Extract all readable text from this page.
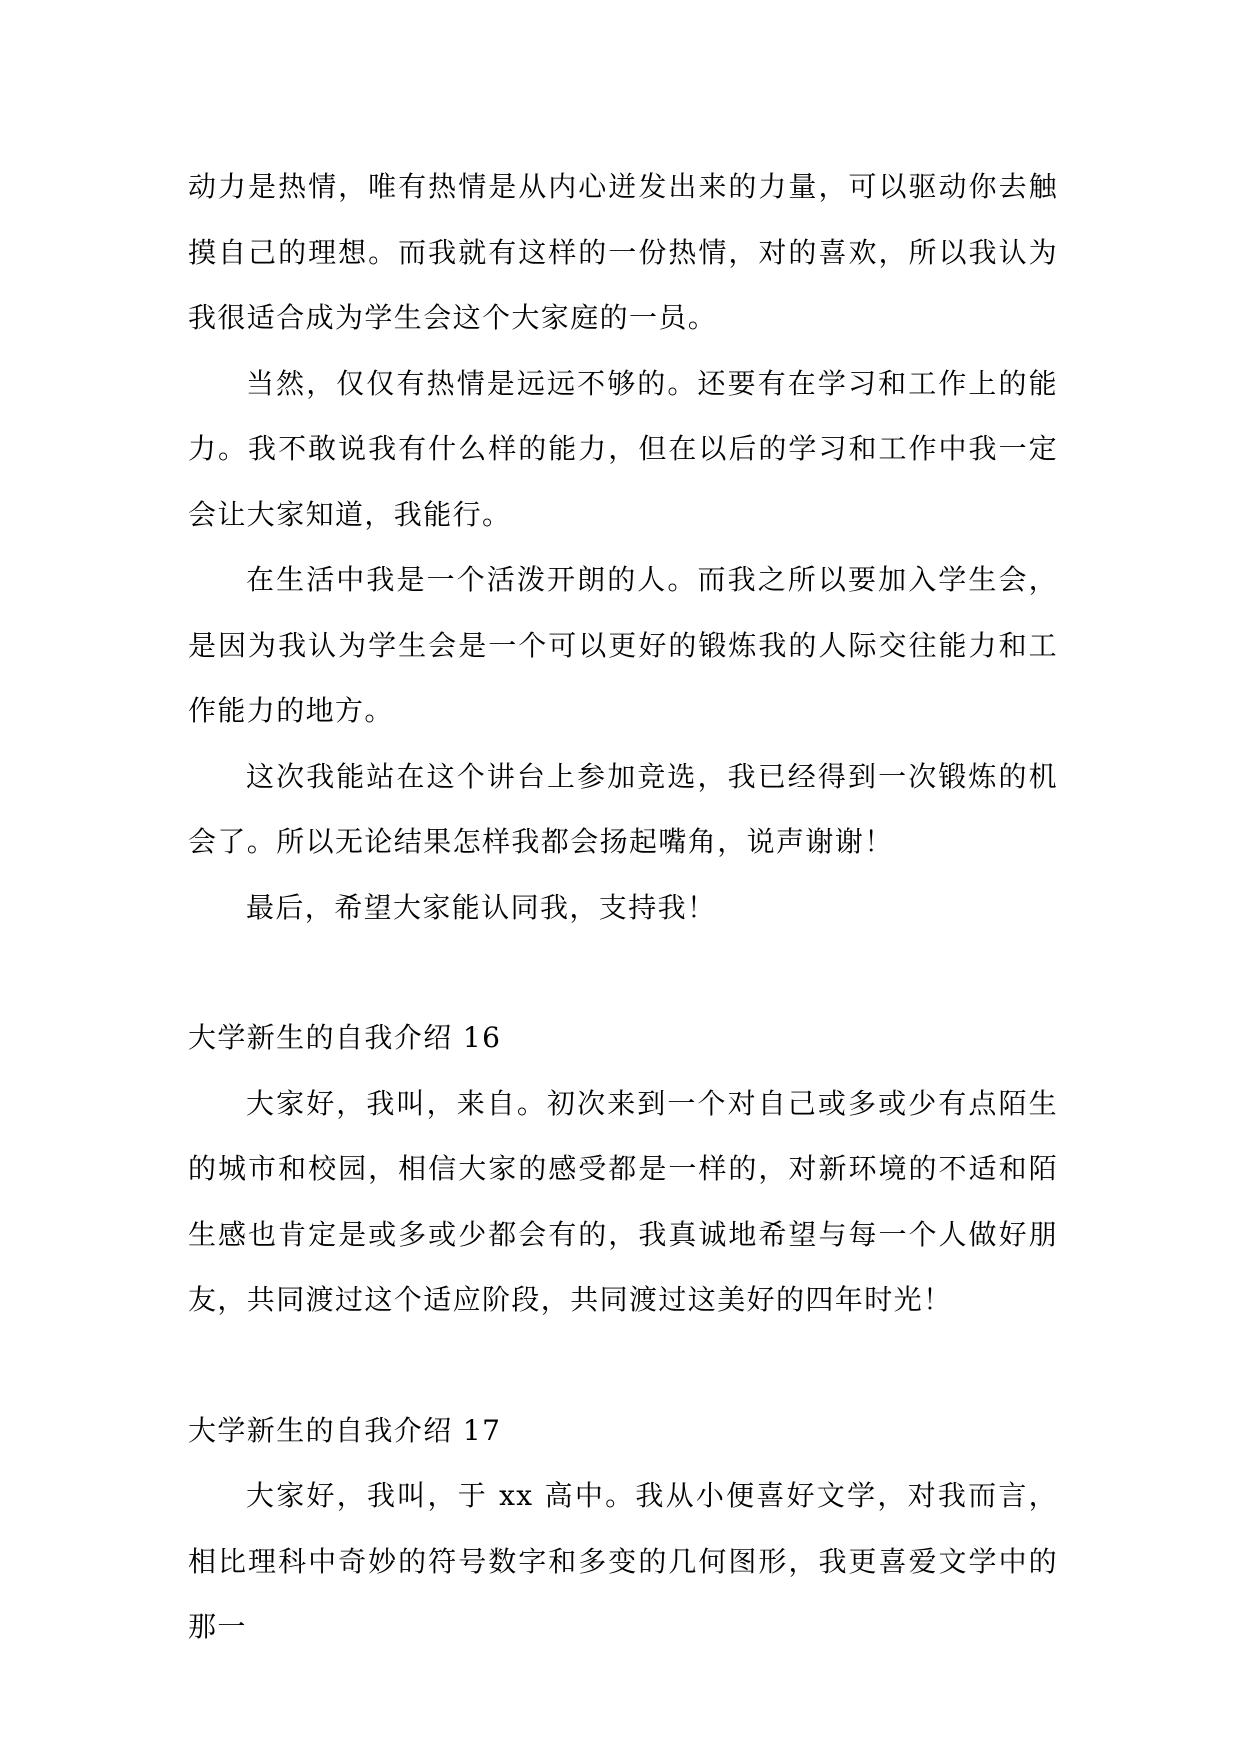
动力是热情，唯有热情是从内心迸发出来的力量，可以驱动你去触摸自己的理想。而我就有这样的一份热情，对的喜欢，所以我认为我很适合成为学生会这个大家庭的一员。

当然，仅仅有热情是远远不够的。还要有在学习和工作上的能力。我不敢说我有什么样的能力，但在以后的学习和工作中我一定会让大家知道，我能行。

在生活中我是一个活泼开朗的人。而我之所以要加入学生会，是因为我认为学生会是一个可以更好的锻炼我的人际交往能力和工作能力的地方。

这次我能站在这个讲台上参加竞选，我已经得到一次锻炼的机会了。所以无论结果怎样我都会扬起嘴角，说声谢谢！

最后，希望大家能认同我，支持我！

大学新生的自我介绍 16

大家好，我叫，来自。初次来到一个对自己或多或少有点陌生的城市和校园，相信大家的感受都是一样的，对新环境的不适和陌生感也肯定是或多或少都会有的，我真诚地希望与每一个人做好朋友，共同渡过这个适应阶段，共同渡过这美好的四年时光！

大学新生的自我介绍 17

大家好，我叫，于 xx 高中。我从小便喜好文学，对我而言，相比理科中奇妙的符号数字和多变的几何图形，我更喜爱文学中的那一
